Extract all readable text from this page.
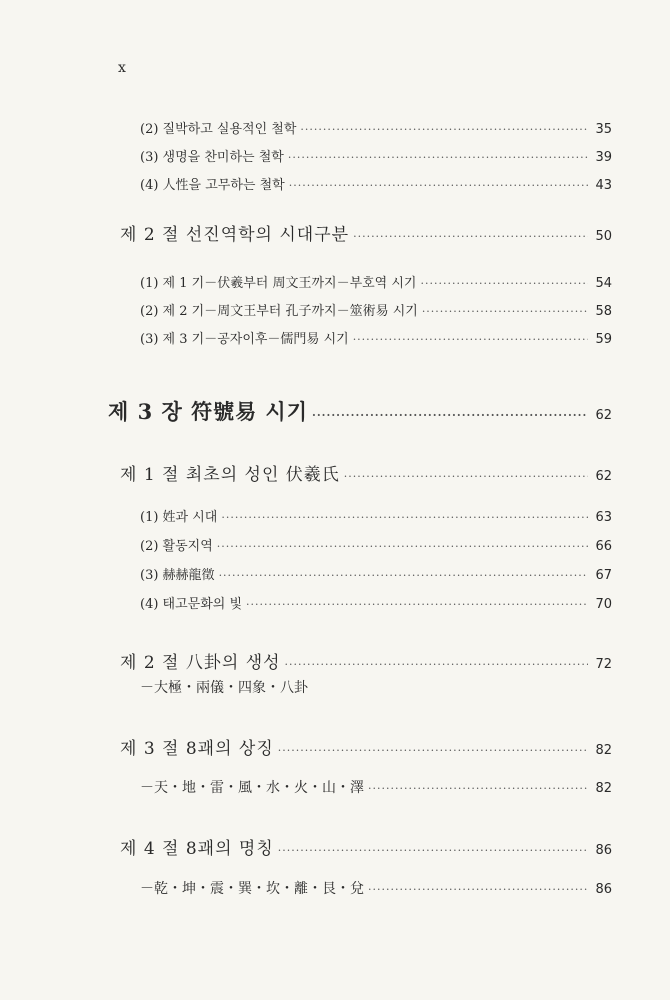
x
(2) 질박하고 실용적인 철학 ·····	35
(3) 생명을 찬미하는 철학 ·····	39
(4) 人性을 고무하는 철학 ·····	43
제 2 절 선진역학의 시대구분 ·····	50
(1) 제 1 기－伏羲부터 周文王까지－부호역 시기 ·····	54
(2) 제 2 기－周文王부터 孔子까지－筮術易 시기 ·····	58
(3) 제 3 기－공자이후－儒門易 시기 ·····	59
제 3 장 符號易 시기 ·····	62
제 1 절 최초의 성인 伏羲氏 ·····	62
(1) 姓과 시대 ·····	63
(2) 활동지역 ·····	66
(3) 赫赫龍徵 ·····	67
(4) 태고문화의 빛 ·····	70
제 2 절 八卦의 생성 ·····	72
－大極・兩儀・四象・八卦
제 3 절 8괘의 상징 ·····	82
－天・地・雷・風・水・火・山・澤 ·····	82
제 4 절 8괘의 명칭 ·····	86
－乾・坤・震・巽・坎・離・艮・兌 ·····	86
